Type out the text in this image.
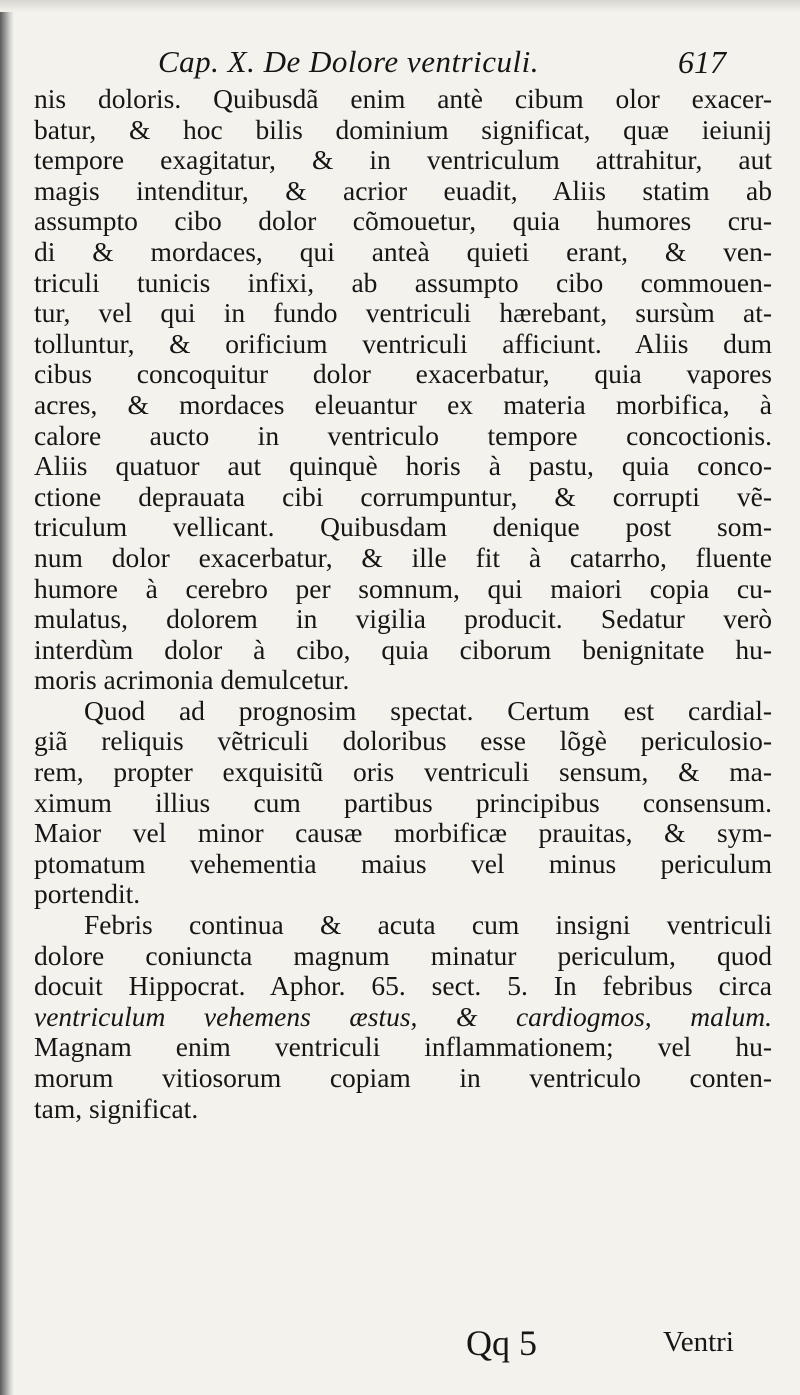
Cap. X. De Dolore ventriculi.	617
nis doloris. Quibusdã enim antè cibum olor exacer-
batur, & hoc bilis dominium significat, quæ ieiunij
tempore exagitatur, & in ventriculum attrahitur, aut
magis intenditur, & acrior euadit, Aliis statim ab
assumpto cibo dolor cõmouetur, quia humores cru-
di & mordaces, qui anteà quieti erant, & ven-
triculi tunicis infixi, ab assumpto cibo commouen-
tur, vel qui in fundo ventriculi hærebant, sursùm at-
tolluntur, & orificium ventriculi afficiunt. Aliis dum
cibus concoquitur dolor exacerbatur, quia vapores
acres, & mordaces eleuantur ex materia morbifica, à
calore aucto in ventriculo tempore concoctionis.
Aliis quatuor aut quinquè horis à pastu, quia conco-
ctione deprauata cibi corrumpuntur, & corrupti vẽ-
triculum vellicant. Quibusdam denique post som-
num dolor exacerbatur, & ille fit à catarrho, fluente
humore à cerebro per somnum, qui maiori copia cu-
mulatus, dolorem in vigilia producit. Sedatur verò
interdùm dolor à cibo, quia ciborum benignitate hu-
moris acrimonia demulcetur.
Quod ad prognosim spectat. Certum est cardial-
giã reliquis vẽtriculi doloribus esse lõgè periculosio-
rem, propter exquisitũ oris ventriculi sensum, & ma-
ximum illius cum partibus principibus consensum.
Maior vel minor causæ morbificæ prauitas, & sym-
ptomatum vehementia maius vel minus periculum
portendit.
Febris continua & acuta cum insigni ventriculi
dolore coniuncta magnum minatur periculum, quod
docuit Hippocrat. Aphor. 65. sect. 5. In febribus circa
ventriculum vehemens æstus, & cardiogmos, malum.
Magnam enim ventriculi inflammationem; vel hu-
morum vitiosorum copiam in ventriculo conten-
tam, significat.
Qq 5	Ventri
